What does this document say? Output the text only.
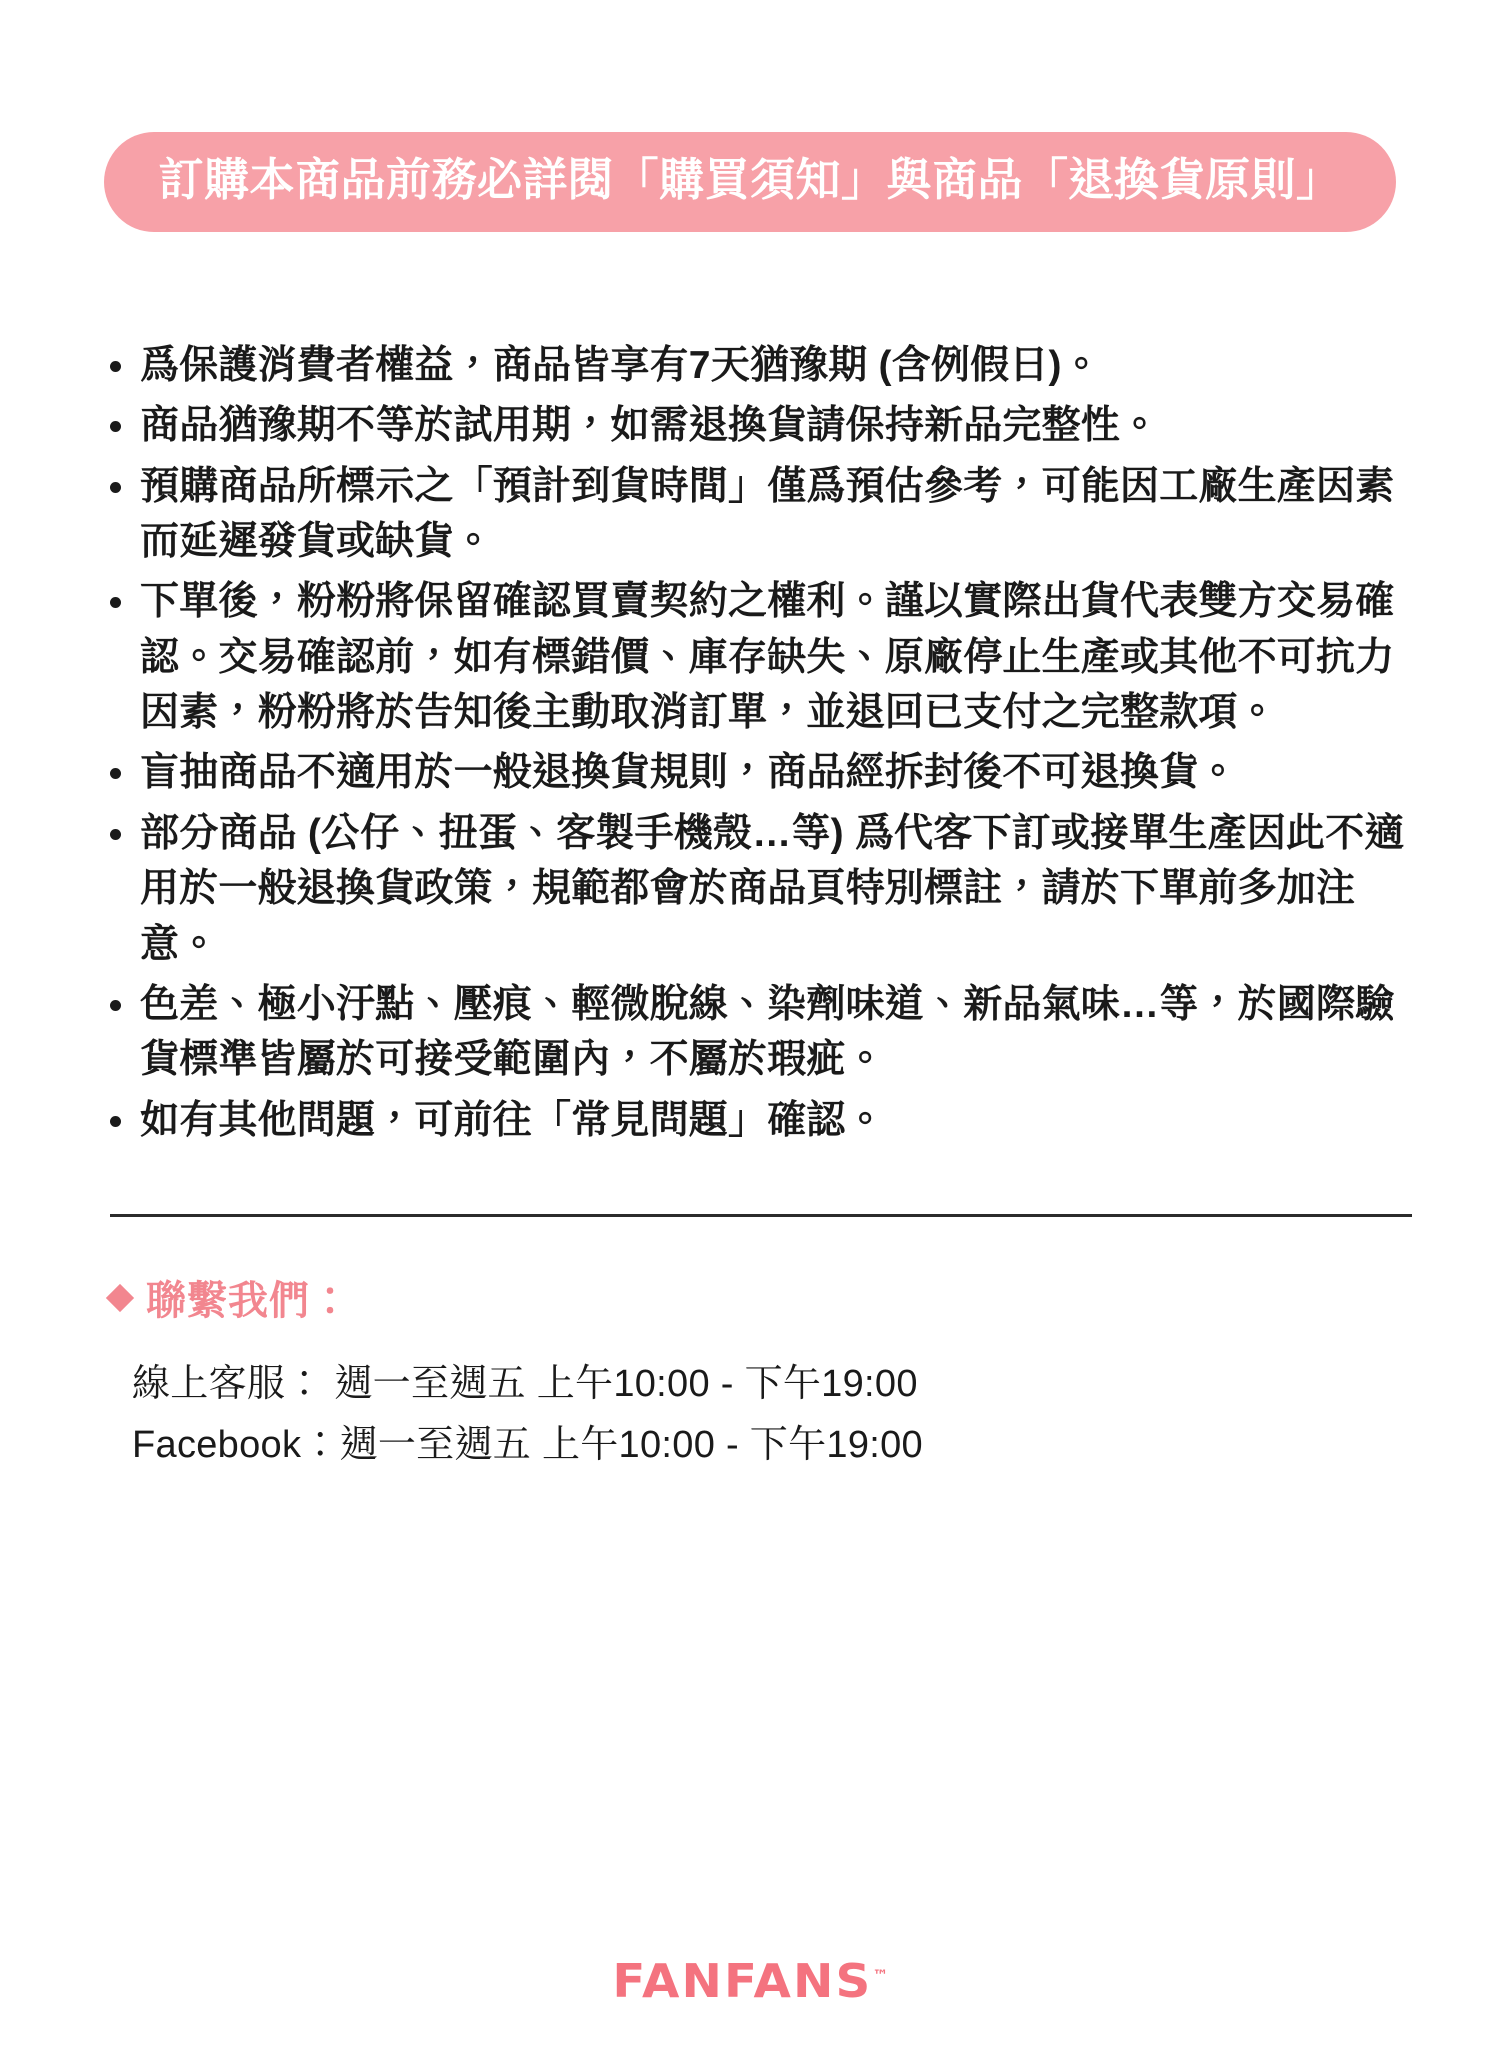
訂購本商品前務必詳閱「購買須知」與商品「退換貨原則」
爲保護消費者權益，商品皆享有7天猶豫期 (含例假日)。
商品猶豫期不等於試用期，如需退換貨請保持新品完整性。
預購商品所標示之「預計到貨時間」僅爲預估參考，可能因工廠生產因素而延遲發貨或缺貨。
下單後，粉粉將保留確認買賣契約之權利。謹以實際出貨代表雙方交易確認。交易確認前，如有標錯價、庫存缺失、原廠停止生產或其他不可抗力因素，粉粉將於告知後主動取消訂單，並退回已支付之完整款項。
盲抽商品不適用於一般退換貨規則，商品經拆封後不可退換貨。
部分商品 (公仔、扭蛋、客製手機殼…等) 爲代客下訂或接單生產因此不適用於一般退換貨政策，規範都會於商品頁特別標註，請於下單前多加注意。
色差、極小汙點、壓痕、輕微脫線、染劑味道、新品氣味…等，於國際驗貨標準皆屬於可接受範圍內，不屬於瑕疵。
如有其他問題，可前往「常見問題」確認。
聯繫我們：
線上客服： 週一至週五 上午10:00 - 下午19:00
Facebook：週一至週五 上午10:00 - 下午19:00
FANFANS™
